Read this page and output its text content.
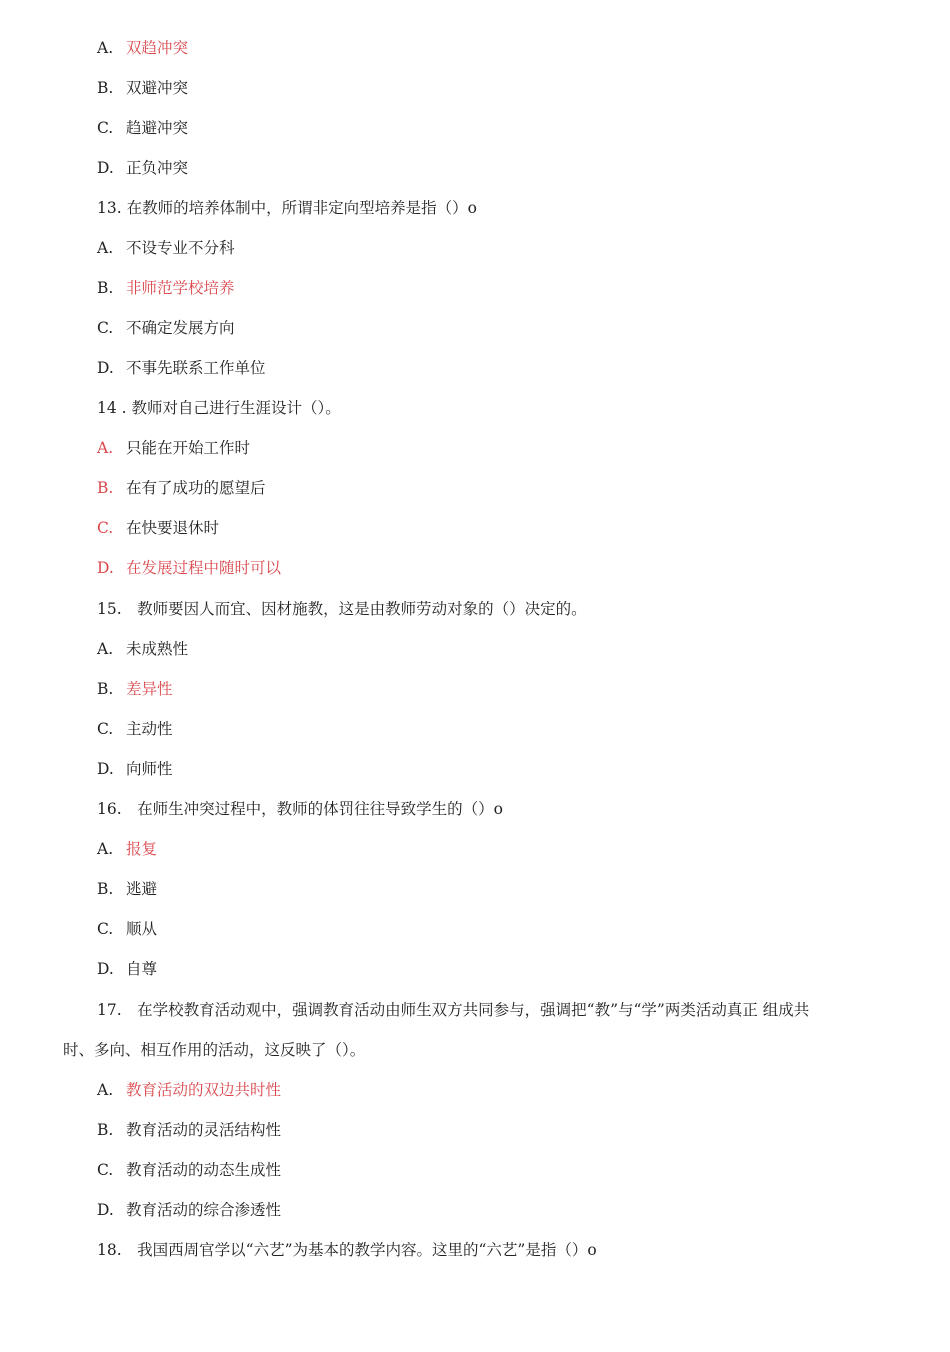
A. 双趋冲突
B. 双避冲突
C. 趋避冲突
D. 正负冲突
13. 在教师的培养体制中，所谓非定向型培养是指（）o
A. 不设专业不分科
B. 非师范学校培养
C. 不确定发展方向
D. 不事先联系工作单位
14 . 教师对自己进行生涯设计（）。
A. 只能在开始工作时
B. 在有了成功的愿望后
C. 在快要退休时
D. 在发展过程中随时可以
15.　教师要因人而宜、因材施教，这是由教师劳动对象的（）决定的。
A. 未成熟性
B. 差异性
C. 主动性
D. 向师性
16.　在师生冲突过程中，教师的体罚往往导致学生的（）o
A. 报复
B. 逃避
C. 顺从
D. 自尊
17.　在学校教育活动观中，强调教育活动由师生双方共同参与，强调把“教”与“学”两类活动真正 组成共
时、多向、相互作用的活动，这反映了（）。
A. 教育活动的双边共时性
B. 教育活动的灵活结构性
C. 教育活动的动态生成性
D. 教育活动的综合渗透性
18.　我国西周官学以“六艺”为基本的教学内容。这里的“六艺”是指（）o
